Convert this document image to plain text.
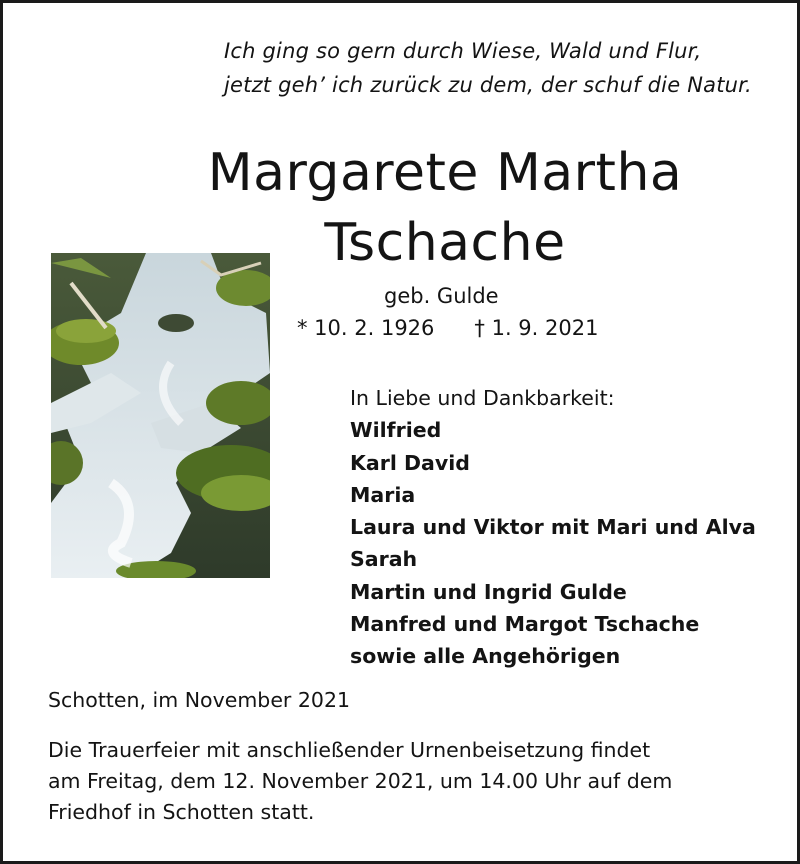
Ich ging so gern durch Wiese, Wald und Flur,
jetzt geh’ ich zurück zu dem, der schuf die Natur.
Margarete Martha
Tschache
geb. Gulde
* 10. 2. 1926 † 1. 9. 2021
In Liebe und Dankbarkeit:
Wilfried
Karl David
Maria
Laura und Viktor mit Mari und Alva
Sarah
Martin und Ingrid Gulde
Manfred und Margot Tschache
sowie alle Angehörigen
Schotten, im November 2021
Die Trauerfeier mit anschließender Urnenbeisetzung findet
am Freitag, dem 12. November 2021, um 14.00 Uhr auf dem
Friedhof in Schotten statt.
